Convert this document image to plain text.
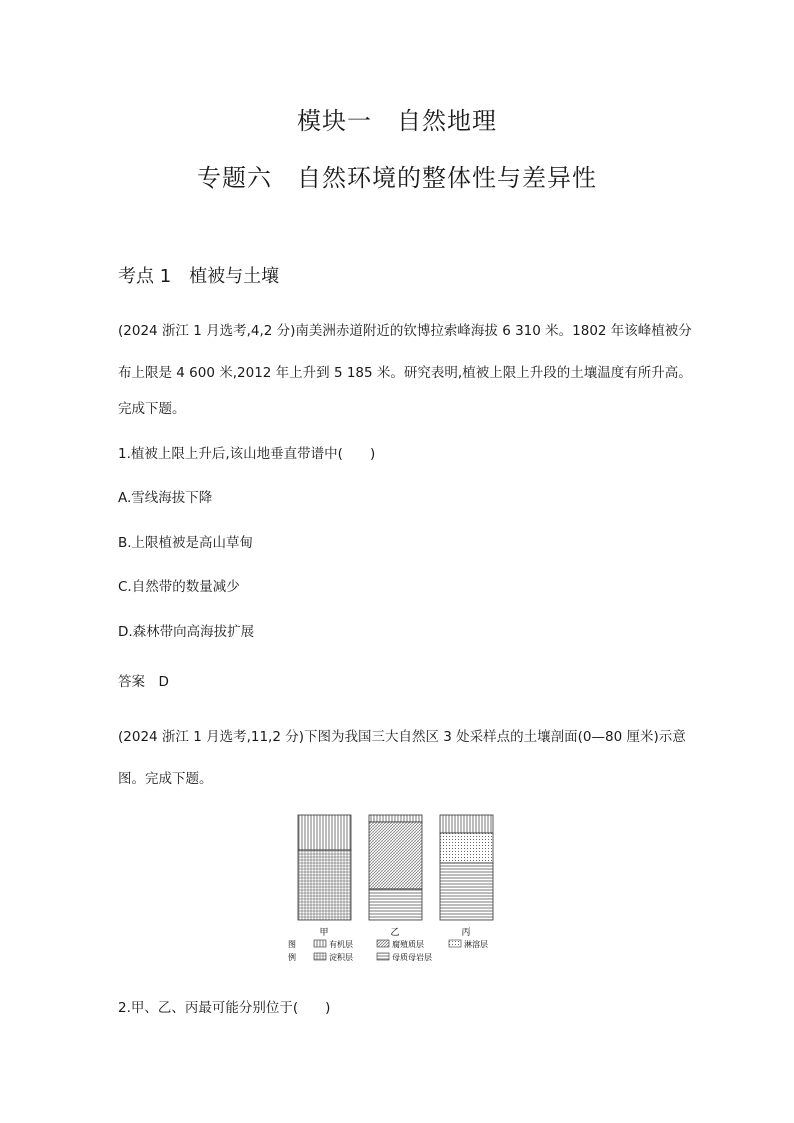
模块一　自然地理
专题六　自然环境的整体性与差异性
考点 1　植被与土壤
(2024 浙江 1 月选考,4,2 分)南美洲赤道附近的钦博拉索峰海拔 6 310 米。1802 年该峰植被分
布上限是 4 600 米,2012 年上升到 5 185 米。研究表明,植被上限上升段的土壤温度有所升高。
完成下题。
1.植被上限上升后,该山地垂直带谱中(　　)
A.雪线海拔下降
B.上限植被是高山草甸
C.自然带的数量减少
D.森林带向高海拔扩展
答案　D
(2024 浙江 1 月选考,11,2 分)下图为我国三大自然区 3 处采样点的土壤剖面(0—80 厘米)示意
图。完成下题。
甲	乙	丙
图
例
有机层	腐殖质层	淋溶层
淀积层	母质母岩层
2.甲、乙、丙最可能分别位于(　　)
